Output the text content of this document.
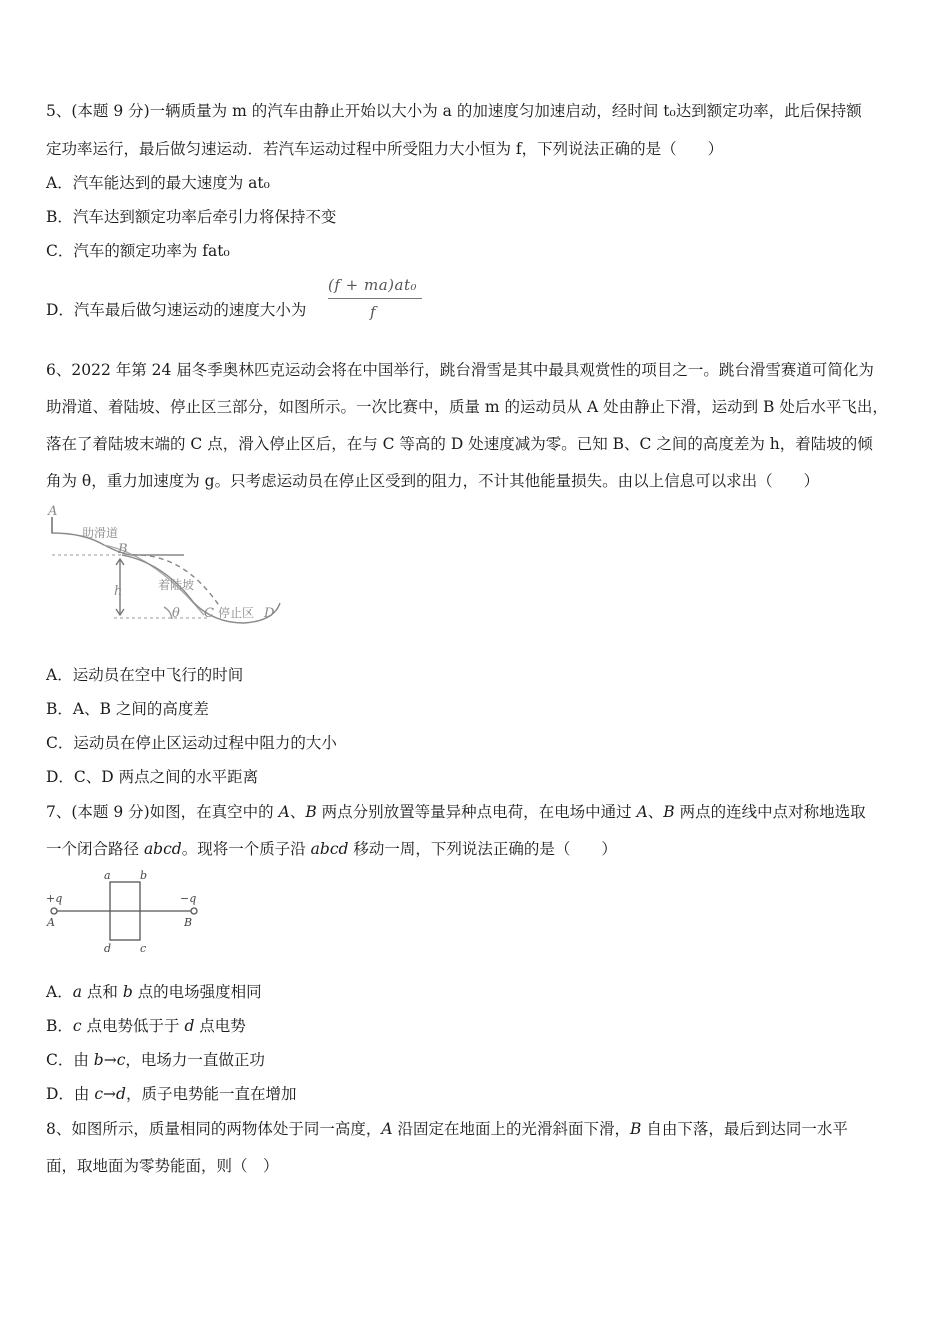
5、(本题 9 分)一辆质量为 m 的汽车由静止开始以大小为 a 的加速度匀加速启动，经时间 t₀达到额定功率，此后保持额
定功率运行，最后做匀速运动．若汽车运动过程中所受阻力大小恒为 f，下列说法正确的是（　　）
A．汽车能达到的最大速度为 at₀
B．汽车达到额定功率后牵引力将保持不变
C．汽车的额定功率为 fat₀
D．汽车最后做匀速运动的速度大小为
(f + ma)at₀
f
6、2022 年第 24 届冬季奥林匹克运动会将在中国举行，跳台滑雪是其中最具观赏性的项目之一。跳台滑雪赛道可简化为
助滑道、着陆坡、停止区三部分，如图所示。一次比赛中，质量 m 的运动员从 A 处由静止下滑，运动到 B 处后水平飞出，
落在了着陆坡末端的 C 点，滑入停止区后，在与 C 等高的 D 处速度减为零。已知 B、C 之间的高度差为 h，着陆坡的倾
角为 θ，重力加速度为 g。只考虑运动员在停止区受到的阻力，不计其他能量损失。由以上信息可以求出（　　）
A
助滑道
B
着陆坡
h
θ C 停止区 D
A．运动员在空中飞行的时间
B．A、B 之间的高度差
C．运动员在停止区运动过程中阻力的大小
D．C、D 两点之间的水平距离
7、(本题 9 分)如图，在真空中的 A、B 两点分别放置等量异种点电荷，在电场中通过 A、B 两点的连线中点对称地选取
一个闭合路径 abcd。现将一个质子沿 abcd 移动一周，下列说法正确的是（　　）
+q
A
−q
B
a	b
c
d
A．a 点和 b 点的电场强度相同
B．c 点电势低于于 d 点电势
C．由 b→c，电场力一直做正功
D．由 c→d，质子电势能一直在增加
8、如图所示，质量相同的两物体处于同一高度，A 沿固定在地面上的光滑斜面下滑，B 自由下落，最后到达同一水平
面，取地面为零势能面，则（　）
